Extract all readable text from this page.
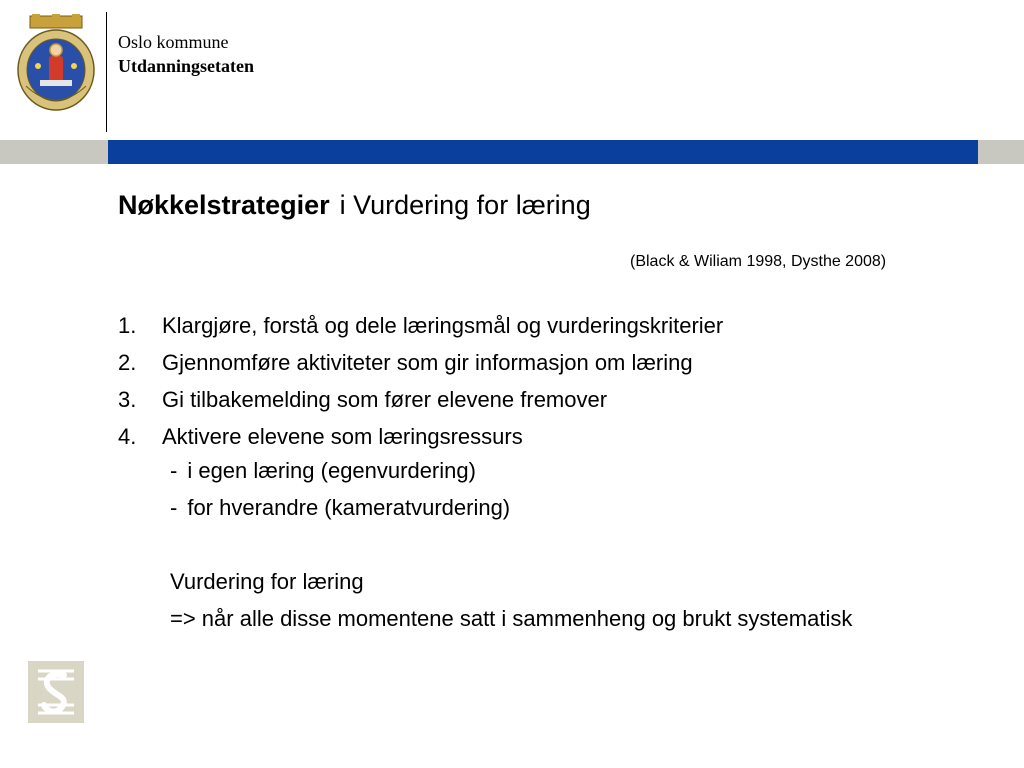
Oslo kommune
Utdanningsetaten
Nøkkelstrategier i Vurdering for læring
(Black & Wiliam 1998, Dysthe 2008)
1. Klargjøre, forstå og dele læringsmål og vurderingskriterier
2. Gjennomføre aktiviteter som gir informasjon om læring
3. Gi tilbakemelding som fører elevene fremover
4. Aktivere elevene som læringsressurs
- i egen læring (egenvurdering)
- for hverandre (kameratvurdering)
Vurdering for læring
=> når alle disse momentene satt i sammenheng og brukt systematisk
